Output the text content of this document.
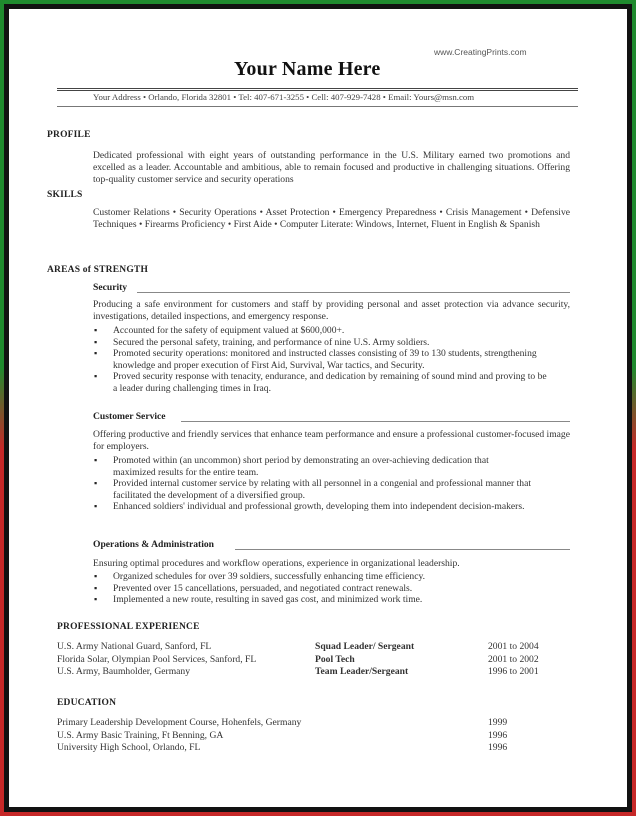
www.CreatingPrints.com
Your Name Here
Your Address • Orlando, Florida 32801 • Tel: 407-671-3255 • Cell: 407-929-7428 • Email: Yours@msn.com
PROFILE
Dedicated professional with eight years of outstanding performance in the U.S. Military earned two promotions and excelled as a leader. Accountable and ambitious, able to remain focused and productive in challenging situations. Offering top-quality customer service and security operations
SKILLS
Customer Relations • Security Operations • Asset Protection • Emergency Preparedness • Crisis Management • Defensive Techniques • Firearms Proficiency • First Aide • Computer Literate: Windows, Internet, Fluent in English & Spanish
AREAS of STRENGTH
Security
Producing a safe environment for customers and staff by providing personal and asset protection via advance security, investigations, detailed inspections, and emergency response.
▪ Accounted for the safety of equipment valued at $600,000+.
▪ Secured the personal safety, training, and performance of nine U.S. Army soldiers.
▪ Promoted security operations: monitored and instructed classes consisting of 39 to 130 students, strengthening knowledge and proper execution of First Aid, Survival, War tactics, and Security.
▪ Proved security response with tenacity, endurance, and dedication by remaining of sound mind and proving to be a leader during challenging times in Iraq.
Customer Service
Offering productive and friendly services that enhance team performance and ensure a professional customer-focused image for employers.
▪ Promoted within (an uncommon) short period by demonstrating an over-achieving dedication that maximized results for the entire team.
▪ Provided internal customer service by relating with all personnel in a congenial and professional manner that facilitated the development of a diversified group.
▪ Enhanced soldiers' individual and professional growth, developing them into independent decision-makers.
Operations & Administration
Ensuring optimal procedures and workflow operations, experience in organizational leadership.
▪ Organized schedules for over 39 soldiers, successfully enhancing time efficiency.
▪ Prevented over 15 cancellations, persuaded, and negotiated contract renewals.
▪ Implemented a new route, resulting in saved gas cost, and minimized work time.
PROFESSIONAL EXPERIENCE
U.S. Army National Guard, Sanford, FL	Squad Leader/ Sergeant	2001 to 2004
Florida Solar, Olympian Pool Services, Sanford, FL	Pool Tech	2001 to 2002
U.S. Army, Baumholder, Germany	Team Leader/Sergeant	1996 to 2001
EDUCATION
Primary Leadership Development Course, Hohenfels, Germany	1999
U.S. Army Basic Training, Ft Benning, GA	1996
University High School, Orlando, FL	1996
